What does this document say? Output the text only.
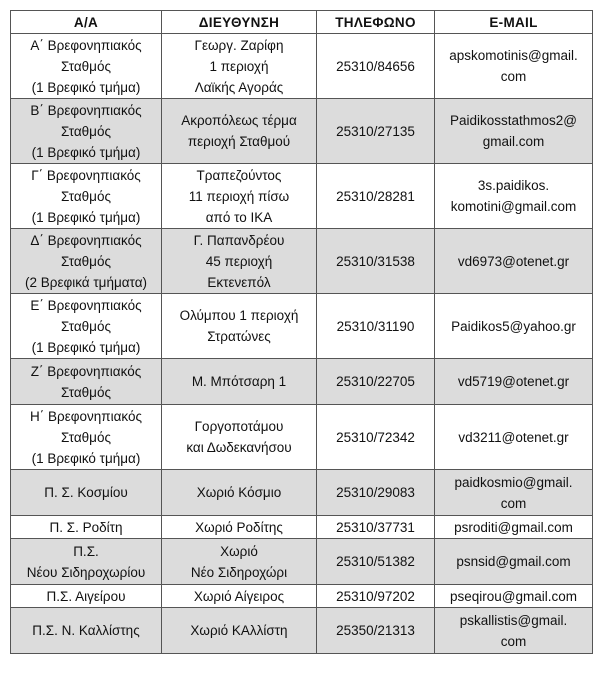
Α/Α	ΔΙΕΥΘΥΝΣΗ	ΤΗΛΕΦΩΝΟ	E-MAIL

Α΄ Βρεφονηπιακός
Σταθμός
(1 Βρεφικό τμήμα)	Γεωργ. Ζαρίφη
1 περιοχή
Λαϊκής Αγοράς	25310/84656	apskomotinis@gmail.
com

Β΄ Βρεφονηπιακός
Σταθμός
(1 Βρεφικό τμήμα)	Ακροπόλεως τέρμα
περιοχή Σταθμού	25310/27135	Paidikosstathmos2@
gmail.com

Γ΄ Βρεφονηπιακός
Σταθμός
(1 Βρεφικό τμήμα)	Τραπεζούντος
11 περιοχή πίσω
από το ΙΚΑ	25310/28281	3s.paidikos.
komotini@gmail.com

Δ΄ Βρεφονηπιακός
Σταθμός
(2 Βρεφικά τμήματα)	Γ. Παπανδρέου
45 περιοχή
Εκτενεπόλ	25310/31538	vd6973@otenet.gr

Ε΄ Βρεφονηπιακός
Σταθμός
(1 Βρεφικό τμήμα)	Ολύμπου 1 περιοχή
Στρατώνες	25310/31190	Paidikos5@yahoo.gr

Ζ΄ Βρεφονηπιακός
Σταθμός	Μ. Μπότσαρη 1	25310/22705	vd5719@otenet.gr

Η΄ Βρεφονηπιακός
Σταθμός
(1 Βρεφικό τμήμα)	Γοργοποτάμου
και Δωδεκανήσου	25310/72342	vd3211@otenet.gr

Π. Σ. Κοσμίου	Χωριό Κόσμιο	25310/29083	paidkosmio@gmail.
com

Π. Σ. Ροδίτη	Χωριό Ροδίτης	25310/37731	psroditi@gmail.com

Π.Σ.
Νέου Σιδηροχωρίου	Χωριό
Νέο Σιδηροχώρι	25310/51382	psnsid@gmail.com

Π.Σ. Αιγείρου	Χωριό Αίγειρος	25310/97202	pseqirou@gmail.com

Π.Σ. Ν. Καλλίστης	Χωριό ΚΑλλίστη	25350/21313	pskallistis@gmail.
com
